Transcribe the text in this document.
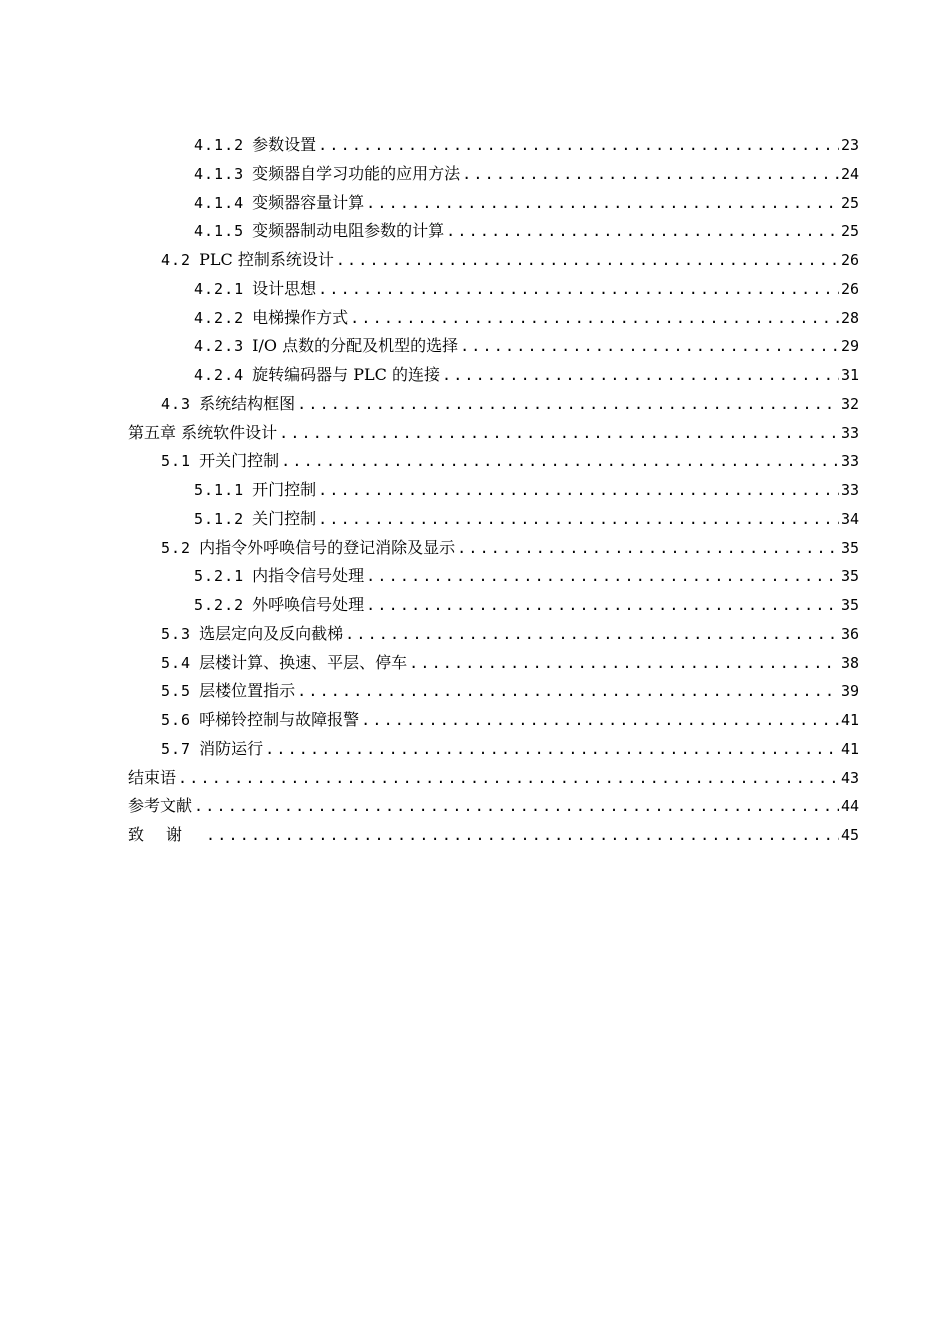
4.1.2 参数设置 .....	23
4.1.3 变频器自学习功能的应用方法 .....	24
4.1.4 变频器容量计算 .....	25
4.1.5 变频器制动电阻参数的计算 .....	25
4.2 PLC 控制系统设计 .....	26
4.2.1 设计思想 .....	26
4.2.2 电梯操作方式 .....	28
4.2.3 I/O 点数的分配及机型的选择 .....	29
4.2.4 旋转编码器与 PLC 的连接 .....	31
4.3 系统结构框图 .....	32
第五章 系统软件设计 .....	33
5.1 开关门控制 .....	33
5.1.1 开门控制 .....	33
5.1.2 关门控制 .....	34
5.2 内指令外呼唤信号的登记消除及显示 .....	35
5.2.1 内指令信号处理 .....	35
5.2.2 外呼唤信号处理 .....	35
5.3 选层定向及反向截梯 .....	36
5.4 层楼计算、换速、平层、停车 .....	38
5.5 层楼位置指示 .....	39
5.6 呼梯铃控制与故障报警 .....	41
5.7 消防运行 .....	41
结束语 .....	43
参考文献 .....	44
致谢 .....	45
